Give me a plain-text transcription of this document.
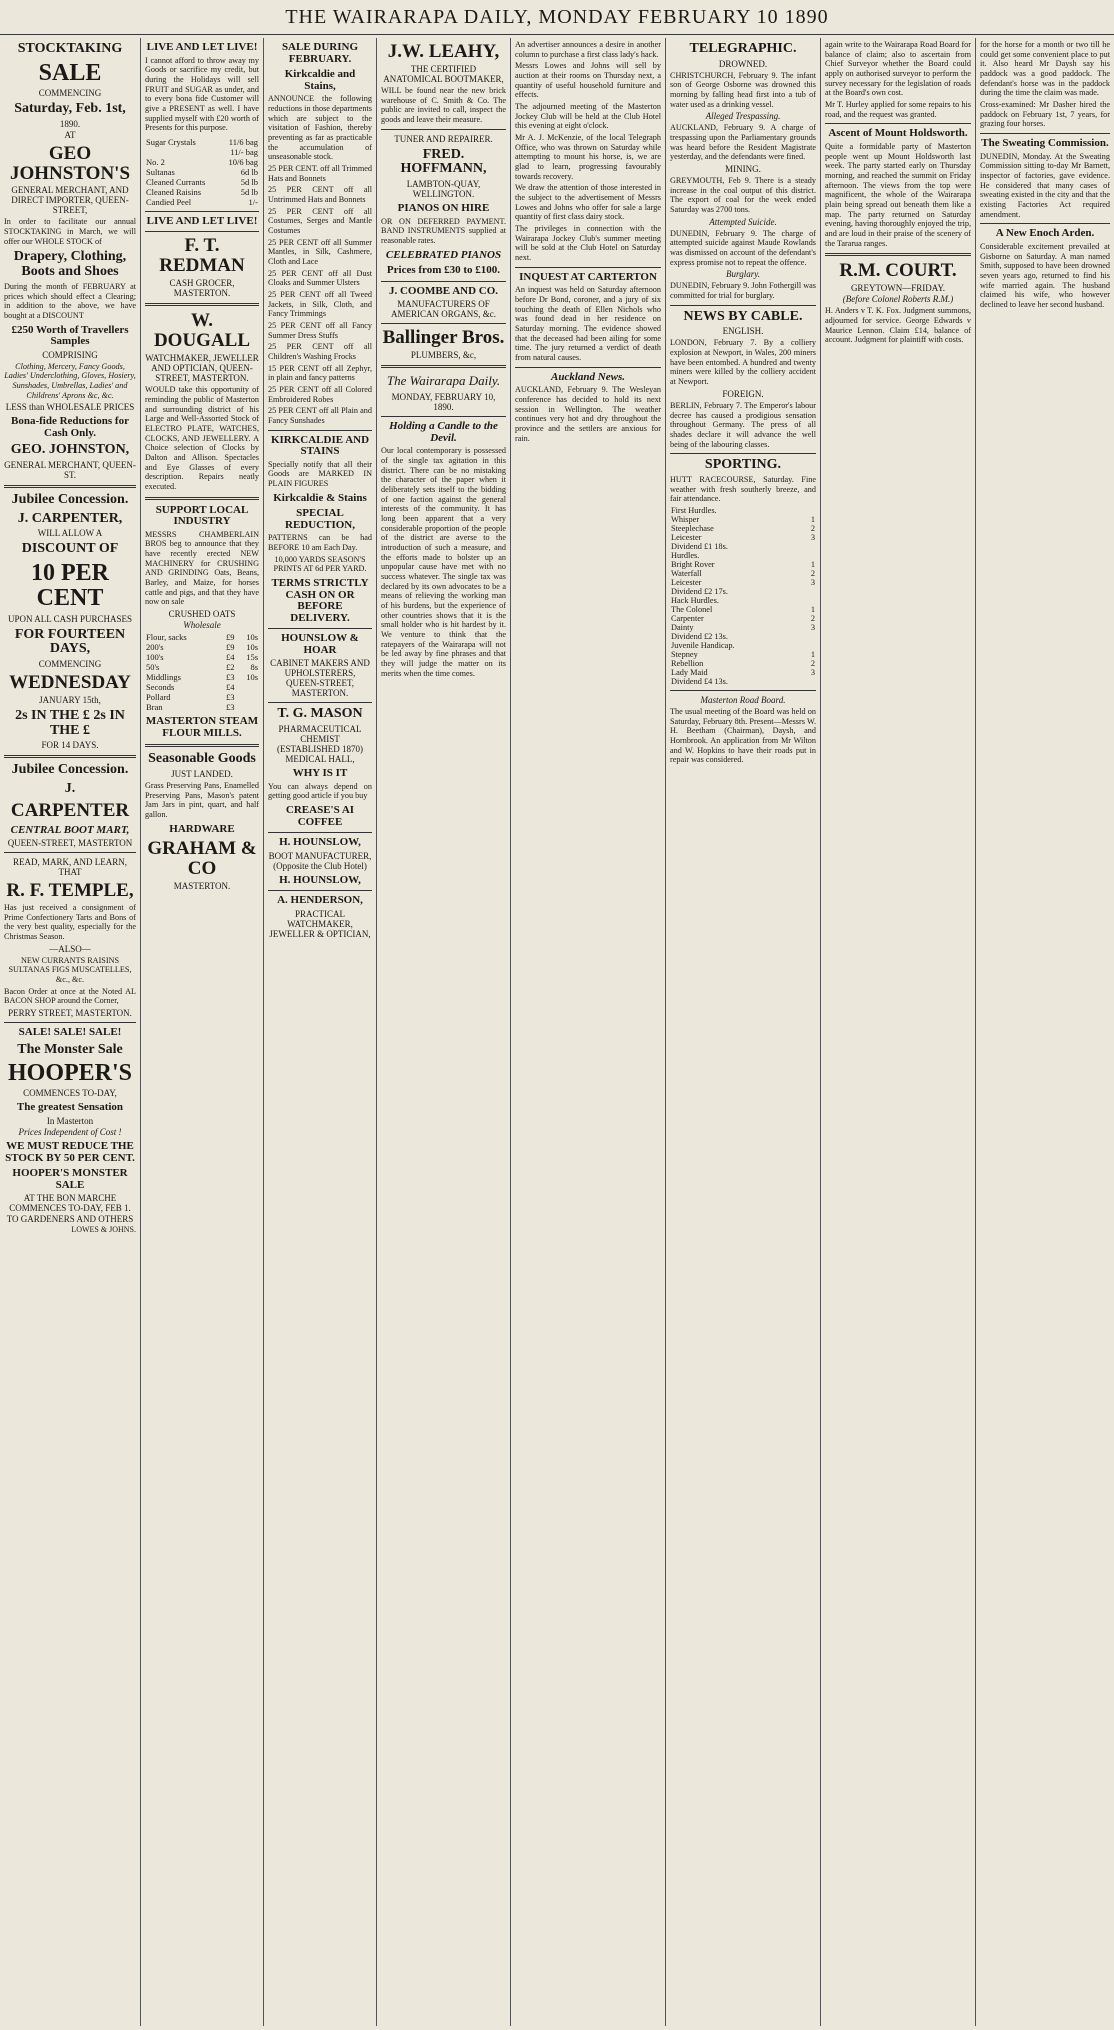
THE WAIRARAPA DAILY, MONDAY FEBRUARY 10 1890
STOCKTAKING
SALE
COMMENCING
Saturday, Feb. 1st,
1890.
AT
GEO JOHNSTON'S
GENERAL MERCHANT, AND DIRECT IMPORTER, QUEEN-STREET,
In order to facilitate our annual STOCKTAKING in March, we will offer our WHOLE STOCK of
Drapery, Clothing, Boots and Shoes
During the month of FEBRUARY at prices which should effect a Clearing; in addition to the above, we have bought at a DISCOUNT
£250 Worth of Travellers Samples
COMPRISING
Clothing, Mercery, Fancy Goods, Ladies' Underclothing, Gloves, Hosiery, Sunshades, Umbrellas, Ladies' and Childrens' Aprons &c, &c.
LESS than WHOLESALE PRICES
Bona-fide Reductions for Cash Only.
GEO. JOHNSTON,
GENERAL MERCHANT, QUEEN-ST.
Jubilee Concession.
J. CARPENTER,
WILL ALLOW A
DISCOUNT OF
10 PER CENT
UPON ALL CASH PURCHASES
FOR FOURTEEN DAYS,
COMMENCING
WEDNESDAY
JANUARY 15th,
2s IN THE £ 2s IN THE £
FOR 14 DAYS.
Jubilee Concession.
J.
CARPENTER
CENTRAL BOOT MART,
QUEEN-STREET, MASTERTON
READ, MARK, AND LEARN, THAT
R. F. TEMPLE,
Has just received a consignment of Prime Confectionery Tarts and Bons of the very best quality, especially for the Christmas Season.
—ALSO—
NEW CURRANTS RAISINS SULTANAS FIGS MUSCATELLES, &c., &c.
Bacon Order at once at the Noted AL BACON SHOP around the Corner,
PERRY STREET, MASTERTON.
SALE! SALE! SALE!
The Monster Sale
HOOPER'S
COMMENCES TO-DAY,
The greatest Sensation
In Masterton
Prices Independent of Cost !
WE MUST REDUCE THE STOCK BY 50 PER CENT.
HOOPER'S MONSTER SALE
AT THE BON MARCHE COMMENCES TO-DAY, FEB 1.
TO GARDENERS AND OTHERS
LOWES & JOHNS.
LIVE AND LET LIVE!
I cannot afford to throw away my Goods or sacrifice my credit, but during the Holidays will sell FRUIT and SUGAR as under, and to every bona fide Customer will give a PRESENT as well. I have supplied myself with £20 worth of Presents for this purpose.
Sugar Crystals	11/6 bag
	11/- bag
No. 2	10/6 bag
Sultanas	6d lb
Cleaned Currants	5d lb
Cleaned Raisins	5d lb
Candied Peel	1/-
LIVE AND LET LIVE!
F. T. REDMAN
CASH GROCER, MASTERTON.
W. DOUGALL
WATCHMAKER, JEWELLER AND OPTICIAN, QUEEN-STREET, MASTERTON.
WOULD take this opportunity of reminding the public of Masterton and surrounding district of his Large and Well-Assorted Stock of ELECTRO PLATE, WATCHES, CLOCKS, AND JEWELLERY. A Choice selection of Clocks by Dalton and Allison. Spectacles and Eye Glasses of every description. Repairs neatly executed.
SUPPORT LOCAL INDUSTRY
MESSRS CHAMBERLAIN BROS beg to announce that they have recently erected NEW MACHINERY for CRUSHING AND GRINDING Oats, Beans, Barley, and Maize, for horses cattle and pigs, and that they have now on sale
CRUSHED OATS
Wholesale
Flour, sacks	£9	10s
200's	£9	10s
100's	£4	15s
50's	£2	8s
Middlings	£3	10s
Seconds	£4	
Pollard	£3	
Bran	£3	
MASTERTON STEAM FLOUR MILLS.
Seasonable Goods
JUST LANDED.
Grass Preserving Pans, Enamelled Preserving Pans, Mason's patent Jam Jars in pint, quart, and half gallon.
HARDWARE
GRAHAM & CO
MASTERTON.
SALE DURING FEBRUARY.
Kirkcaldie and Stains,
ANNOUNCE the following reductions in those departments which are subject to the visitation of Fashion, thereby preventing as far as practicable the accumulation of unseasonable stock.
25 PER CENT. off all Trimmed Hats and Bonnets
25 PER CENT off all Untrimmed Hats and Bonnets
25 PER CENT off all Costumes, Serges and Mantle Costumes
25 PER CENT off all Summer Mantles, in Silk, Cashmere, Cloth and Lace
25 PER CENT off all Dust Cloaks and Summer Ulsters
25 PER CENT off all Tweed Jackets, in Silk, Cloth, and Fancy Trimmings
25 PER CENT off all Fancy Summer Dress Stuffs
25 PER CENT off all Children's Washing Frocks
15 PER CENT off all Zephyr, in plain and fancy patterns
25 PER CENT off all Colored Embroidered Robes
25 PER CENT off all Plain and Fancy Sunshades
KIRKCALDIE AND STAINS
Specially notify that all their Goods are MARKED IN PLAIN FIGURES
Kirkcaldie & Stains
SPECIAL REDUCTION,
PATTERNS can be had BEFORE 10 am Each Day.
10,000 YARDS SEASON'S PRINTS AT 6d PER YARD.
TERMS STRICTLY CASH ON OR BEFORE DELIVERY.
HOUNSLOW & HOAR
CABINET MAKERS AND UPHOLSTERERS, QUEEN-STREET, MASTERTON.
T. G. MASON
PHARMACEUTICAL CHEMIST (ESTABLISHED 1870) MEDICAL HALL,
WHY IS IT
You can always depend on getting good article if you buy
CREASE'S AI COFFEE
H. HOUNSLOW,
BOOT MANUFACTURER, (Opposite the Club Hotel)
H. HOUNSLOW,
A. HENDERSON,
PRACTICAL WATCHMAKER, JEWELLER & OPTICIAN,
J.W. LEAHY,
THE CERTIFIED ANATOMICAL BOOTMAKER,
WILL be found near the new brick warehouse of C. Smith & Co. The public are invited to call, inspect the goods and leave their measure.
TUNER AND REPAIRER.
FRED. HOFFMANN,
LAMBTON-QUAY, WELLINGTON.
PIANOS ON HIRE
OR ON DEFERRED PAYMENT. BAND INSTRUMENTS supplied at reasonable rates.
CELEBRATED PIANOS
Prices from £30 to £100.
J. COOMBE AND CO.
MANUFACTURERS OF AMERICAN ORGANS, &c.
Ballinger Bros.
PLUMBERS, &c,
The Wairarapa Daily.
MONDAY, FEBRUARY 10, 1890.
Holding a Candle to the Devil.
Our local contemporary is possessed of the single tax agitation in this district. There can be no mistaking the character of the paper when it deliberately sets itself to the bidding of one faction against the general interests of the community. It has long been apparent that a very considerable proportion of the people of the district are averse to the introduction of such a measure, and the efforts made to bolster up an unpopular cause have met with no success whatever. The single tax was declared by its own advocates to be a means of relieving the working man of his burdens, but the experience of other countries shows that it is the small holder who is hit hardest by it. We venture to think that the ratepayers of the Wairarapa will not be led away by fine phrases and that they will judge the matter on its merits when the time comes.
An advertiser announces a desire in another column to purchase a first class lady's hack.
Messrs Lowes and Johns will sell by auction at their rooms on Thursday next, a quantity of useful household furniture and effects.
The adjourned meeting of the Masterton Jockey Club will be held at the Club Hotel this evening at eight o'clock.
Mr A. J. McKenzie, of the local Telegraph Office, who was thrown on Saturday while attempting to mount his horse, is, we are glad to learn, progressing favourably towards recovery.
We draw the attention of those interested in the subject to the advertisement of Messrs Lowes and Johns who offer for sale a large quantity of first class dairy stock.
The privileges in connection with the Wairarapa Jockey Club's summer meeting will be sold at the Club Hotel on Saturday next.
INQUEST AT CARTERTON
An inquest was held on Saturday afternoon before Dr Bond, coroner, and a jury of six touching the death of Ellen Nichols who was found dead in her residence on Saturday morning. The evidence showed that the deceased had been ailing for some time. The jury returned a verdict of death from natural causes.
Auckland News.
AUCKLAND, February 9. The Wesleyan conference has decided to hold its next session in Wellington. The weather continues very hot and dry throughout the province and the settlers are anxious for rain.
TELEGRAPHIC.
DROWNED.
CHRISTCHURCH, February 9. The infant son of George Osborne was drowned this morning by falling head first into a tub of water used as a drinking vessel.
Alleged Trespassing.
AUCKLAND, February 9. A charge of trespassing upon the Parliamentary grounds was heard before the Resident Magistrate yesterday, and the defendants were fined.
MINING.
GREYMOUTH, Feb 9. There is a steady increase in the coal output of this district. The export of coal for the week ended Saturday was 2700 tons.
Attempted Suicide.
DUNEDIN, February 9. The charge of attempted suicide against Maude Rowlands was dismissed on account of the defendant's express promise not to repeat the offence.
Burglary.
DUNEDIN, February 9. John Fothergill was committed for trial for burglary.
NEWS BY CABLE.
ENGLISH.
LONDON, February 7. By a colliery explosion at Newport, in Wales, 200 miners have been entombed. A hundred and twenty miners were killed by the colliery accident at Newport.
FOREIGN.
BERLIN, February 7. The Emperor's labour decree has caused a prodigious sensation throughout Germany. The press of all shades declare it will advance the well being of the labouring classes.
SPORTING.
HUTT RACECOURSE, Saturday. Fine weather with fresh southerly breeze, and fair attendance.
First Hurdles.	
Whisper	1
Steeplechase	2
Leicester	3
Dividend £1 18s.	
Hurdles.	
Bright Rover	1
Waterfall	2
Leicester	3
Dividend £2 17s.	
Hack Hurdles.	
The Colonel	1
Carpenter	2
Dainty	3
Dividend £2 13s.	
Juvenile Handicap.	
Stepney	1
Rebellion	2
Lady Maid	3
Dividend £4 13s.	
Masterton Road Board.
The usual meeting of the Board was held on Saturday, February 8th. Present—Messrs W. H. Beetham (Chairman), Daysh, and Hornbrook. An application from Mr Wilton and W. Hopkins to have their roads put in repair was considered.
again write to the Wairarapa Road Board for balance of claim; also to ascertain from Chief Surveyor whether the Board could apply on authorised surveyor to perform the survey necessary for the legislation of roads at the Board's own cost.
Mr T. Hurley applied for some repairs to his road, and the request was granted.
Ascent of Mount Holdsworth.
Quite a formidable party of Masterton people went up Mount Holdsworth last week. The party started early on Thursday morning, and reached the summit on Friday afternoon. The views from the top were magnificent, the whole of the Wairarapa plain being spread out beneath them like a map. The party returned on Saturday evening, having thoroughly enjoyed the trip, and are loud in their praise of the scenery of the Tararua ranges.
R.M. COURT.
GREYTOWN—FRIDAY.
(Before Colonel Roberts R.M.)
H. Anders v T. K. Fox. Judgment summons, adjourned for service. George Edwards v Maurice Lennon. Claim £14, balance of account. Judgment for plaintiff with costs.
for the horse for a month or two till he could get some convenient place to put it. Also heard Mr Daysh say his paddock was a good paddock. The defendant's horse was in the paddock during the time the claim was made.
Cross-examined: Mr Dasher hired the paddock on February 1st, 7 years, for grazing four horses.
The Sweating Commission.
DUNEDIN, Monday. At the Sweating Commission sitting to-day Mr Barnett, inspector of factories, gave evidence. He considered that many cases of sweating existed in the city and that the existing Factories Act required amendment.
A New Enoch Arden.
Considerable excitement prevailed at Gisborne on Saturday. A man named Smith, supposed to have been drowned seven years ago, returned to find his wife married again. The husband claimed his wife, who however declined to leave her second husband.
